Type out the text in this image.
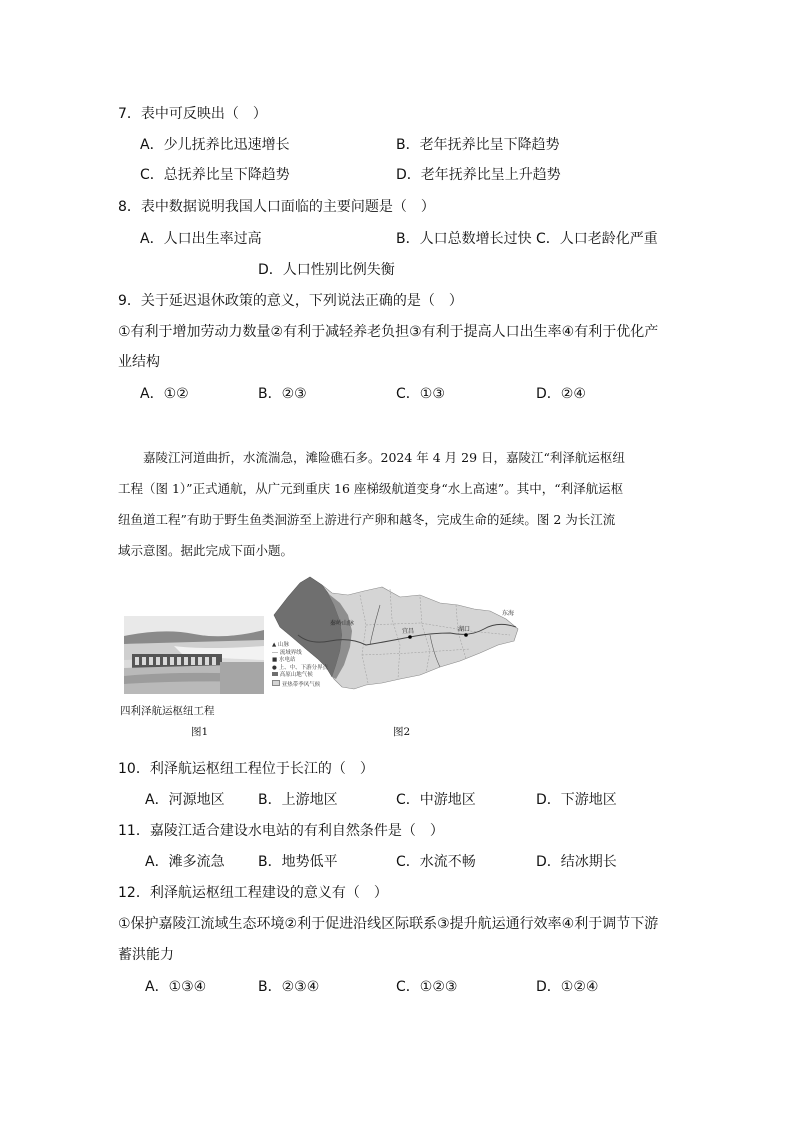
7．表中可反映出（　）
A．少儿抚养比迅速增长	B．老年抚养比呈下降趋势
C．总抚养比呈下降趋势	D．老年抚养比呈上升趋势
8．表中数据说明我国人口面临的主要问题是（　）
A．人口出生率过高	B．人口总数增长过快 C．人口老龄化严重
D．人口性别比例失衡
9．关于延迟退休政策的意义，下列说法正确的是（　）
①有利于增加劳动力数量②有利于减轻养老负担③有利于提高人口出生率④有利于优化产
业结构
A．①②	B．②③	C．①③	D．②④
　　嘉陵江河道曲折，水流湍急，滩险礁石多。2024 年 4 月 29 日，嘉陵江“利泽航运枢纽
工程（图 1）”正式通航，从广元到重庆 16 座梯级航道变身“水上高速”。其中，“利泽航运枢
纽鱼道工程”有助于野生鱼类洄游至上游进行产卵和越冬，完成生命的延续。图 2 为长江流
域示意图。据此完成下面小题。
四利泽航运枢纽工程
图1
东海
秦岭山脉
宜昌	湖口
▲ 山脉
--- 流域界线
■ 水电站
● 上、中、下游分界点
高原山地气候
亚热带季风气候
图2
10．利泽航运枢纽工程位于长江的（　）
A．河源地区 B．上游地区	C．中游地区	D．下游地区
11．嘉陵江适合建设水电站的有利自然条件是（　）
A．滩多流急 B．地势低平	C．水流不畅	D．结冰期长
12．利泽航运枢纽工程建设的意义有（　）
①保护嘉陵江流域生态环境②利于促进沿线区际联系③提升航运通行效率④利于调节下游
蓄洪能力
A．①③④	B．②③④	C．①②③	D．①②④
